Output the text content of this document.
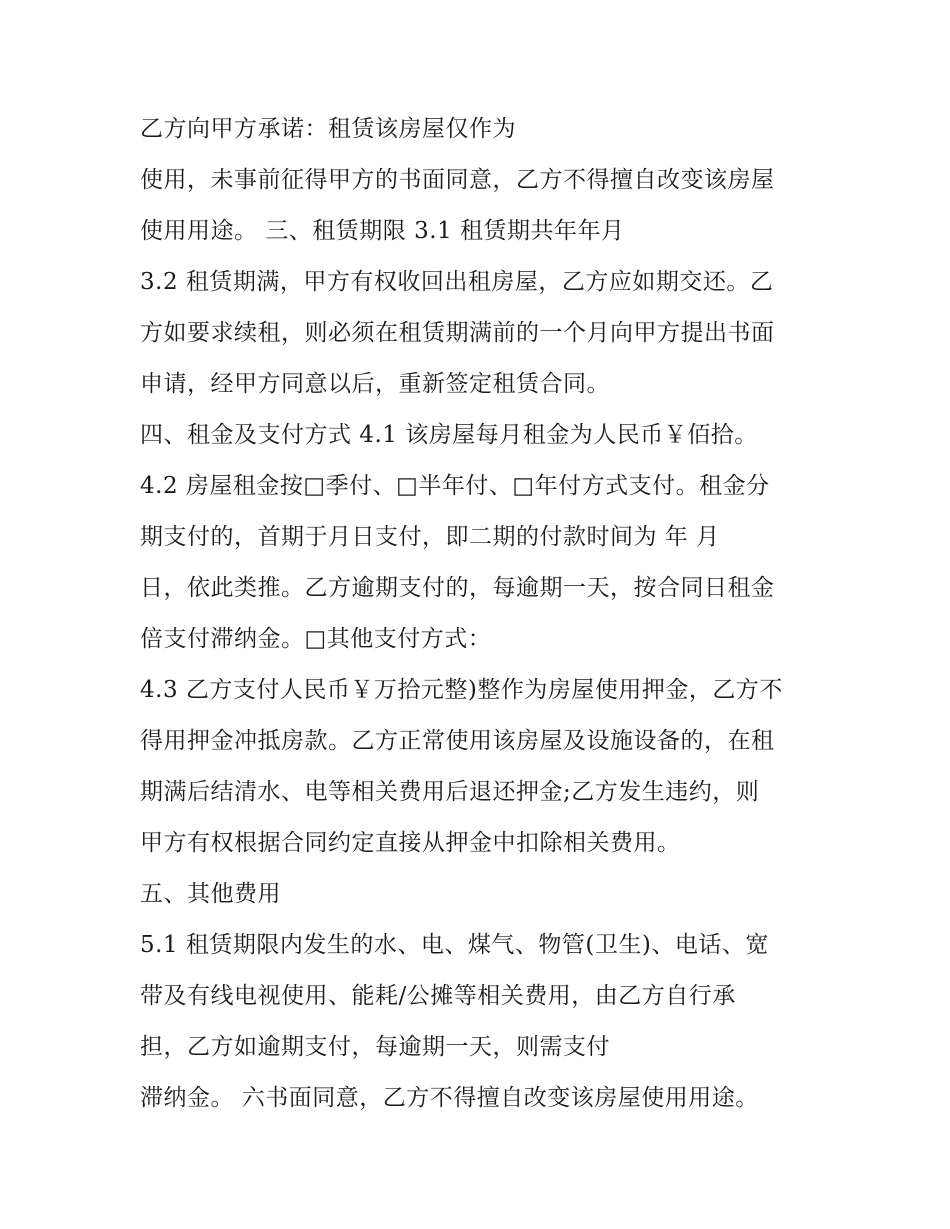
乙方向甲方承诺：租赁该房屋仅作为
使用，未事前征得甲方的书面同意，乙方不得擅自改变该房屋
使用用途。 三、租赁期限 3.1 租赁期共年年月
3.2 租赁期满，甲方有权收回出租房屋，乙方应如期交还。乙
方如要求续租，则必须在租赁期满前的一个月向甲方提出书面
申请，经甲方同意以后，重新签定租赁合同。
四、租金及支付方式 4.1 该房屋每月租金为人民币￥佰拾。
4.2 房屋租金按□季付、□半年付、□年付方式支付。租金分
期支付的，首期于月日支付，即二期的付款时间为 年 月
日，依此类推。乙方逾期支付的，每逾期一天，按合同日租金
倍支付滞纳金。□其他支付方式：
4.3 乙方支付人民币￥万拾元整)整作为房屋使用押金，乙方不
得用押金冲抵房款。乙方正常使用该房屋及设施设备的，在租
期满后结清水、电等相关费用后退还押金;乙方发生违约，则
甲方有权根据合同约定直接从押金中扣除相关费用。
五、其他费用
5.1 租赁期限内发生的水、电、煤气、物管(卫生)、电话、宽
带及有线电视使用、能耗/公摊等相关费用，由乙方自行承
担，乙方如逾期支付，每逾期一天，则需支付
滞纳金。 六书面同意，乙方不得擅自改变该房屋使用用途。
